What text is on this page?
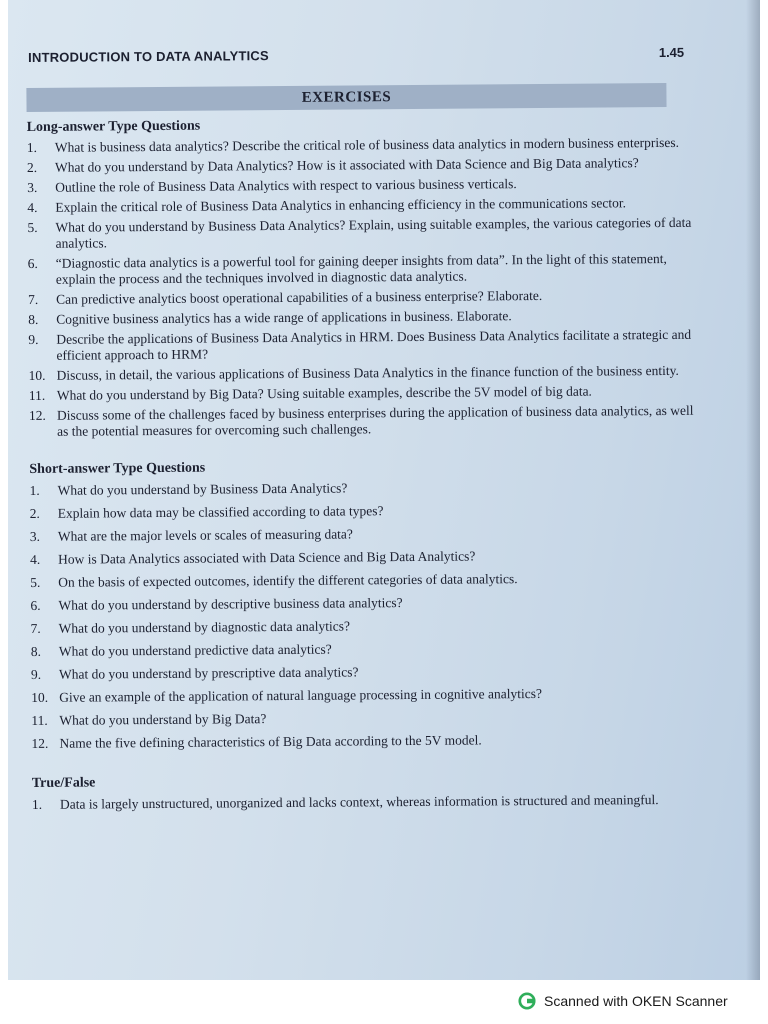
INTRODUCTION TO DATA ANALYTICS	1.45
EXERCISES
Long-answer Type Questions
1.	What is business data analytics? Describe the critical role of business data analytics in modern business enterprises.
2.	What do you understand by Data Analytics? How is it associated with Data Science and Big Data analytics?
3.	Outline the role of Business Data Analytics with respect to various business verticals.
4.	Explain the critical role of Business Data Analytics in enhancing efficiency in the communications sector.
5.	What do you understand by Business Data Analytics? Explain, using suitable examples, the various categories of data analytics.
6.	“Diagnostic data analytics is a powerful tool for gaining deeper insights from data”. In the light of this statement, explain the process and the techniques involved in diagnostic data analytics.
7.	Can predictive analytics boost operational capabilities of a business enterprise? Elaborate.
8.	Cognitive business analytics has a wide range of applications in business. Elaborate.
9.	Describe the applications of Business Data Analytics in HRM. Does Business Data Analytics facilitate a strategic and efficient approach to HRM?
10. Discuss, in detail, the various applications of Business Data Analytics in the finance function of the business entity.
11. What do you understand by Big Data? Using suitable examples, describe the 5V model of big data.
12. Discuss some of the challenges faced by business enterprises during the application of business data analytics, as well as the potential measures for overcoming such challenges.
Short-answer Type Questions
1.	What do you understand by Business Data Analytics?
2.	Explain how data may be classified according to data types?
3.	What are the major levels or scales of measuring data?
4.	How is Data Analytics associated with Data Science and Big Data Analytics?
5.	On the basis of expected outcomes, identify the different categories of data analytics.
6.	What do you understand by descriptive business data analytics?
7.	What do you understand by diagnostic data analytics?
8.	What do you understand predictive data analytics?
9.	What do you understand by prescriptive data analytics?
10. Give an example of the application of natural language processing in cognitive analytics?
11. What do you understand by Big Data?
12. Name the five defining characteristics of Big Data according to the 5V model.
True/False
1.	Data is largely unstructured, unorganized and lacks context, whereas information is structured and meaningful.
Scanned with OKEN Scanner
